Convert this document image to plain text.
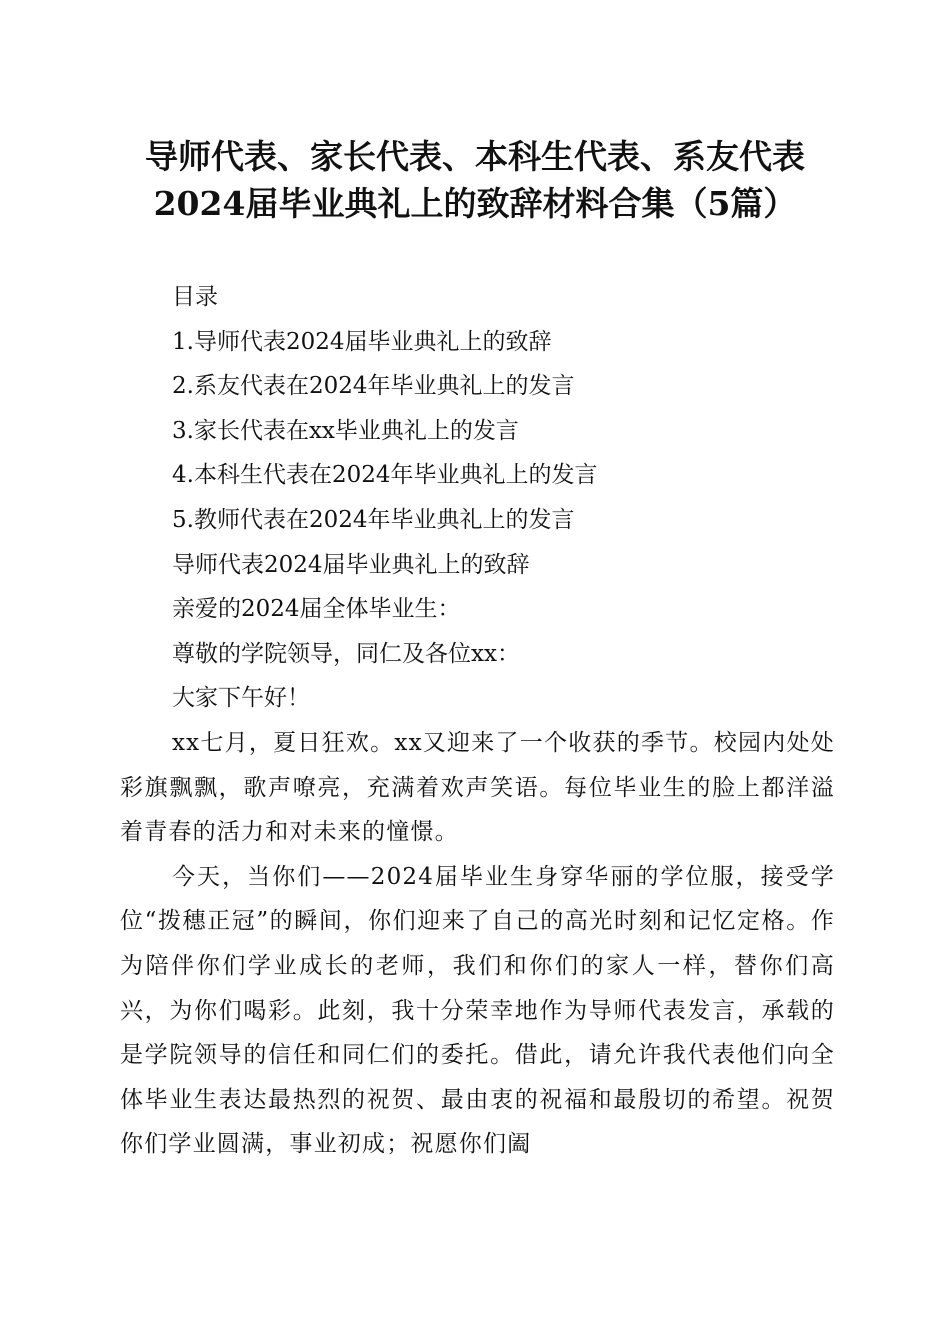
导师代表、家长代表、本科生代表、系友代表
2024届毕业典礼上的致辞材料合集（5篇）
目录
1.导师代表2024届毕业典礼上的致辞
2.系友代表在2024年毕业典礼上的发言
3.家长代表在xx毕业典礼上的发言
4.本科生代表在2024年毕业典礼上的发言
5.教师代表在2024年毕业典礼上的发言
导师代表2024届毕业典礼上的致辞
亲爱的2024届全体毕业生：
尊敬的学院领导，同仁及各位xx：
大家下午好！
xx七月，夏日狂欢。xx又迎来了一个收获的季节。校园内处处彩旗飘飘，歌声嘹亮，充满着欢声笑语。每位毕业生的脸上都洋溢着青春的活力和对未来的憧憬。
今天，当你们——2024届毕业生身穿华丽的学位服，接受学位“拨穗正冠”的瞬间，你们迎来了自己的高光时刻和记忆定格。作为陪伴你们学业成长的老师，我们和你们的家人一样，替你们高兴，为你们喝彩。此刻，我十分荣幸地作为导师代表发言，承载的是学院领导的信任和同仁们的委托。借此，请允许我代表他们向全体毕业生表达最热烈的祝贺、最由衷的祝福和最殷切的希望。祝贺你们学业圆满，事业初成；祝愿你们阖
